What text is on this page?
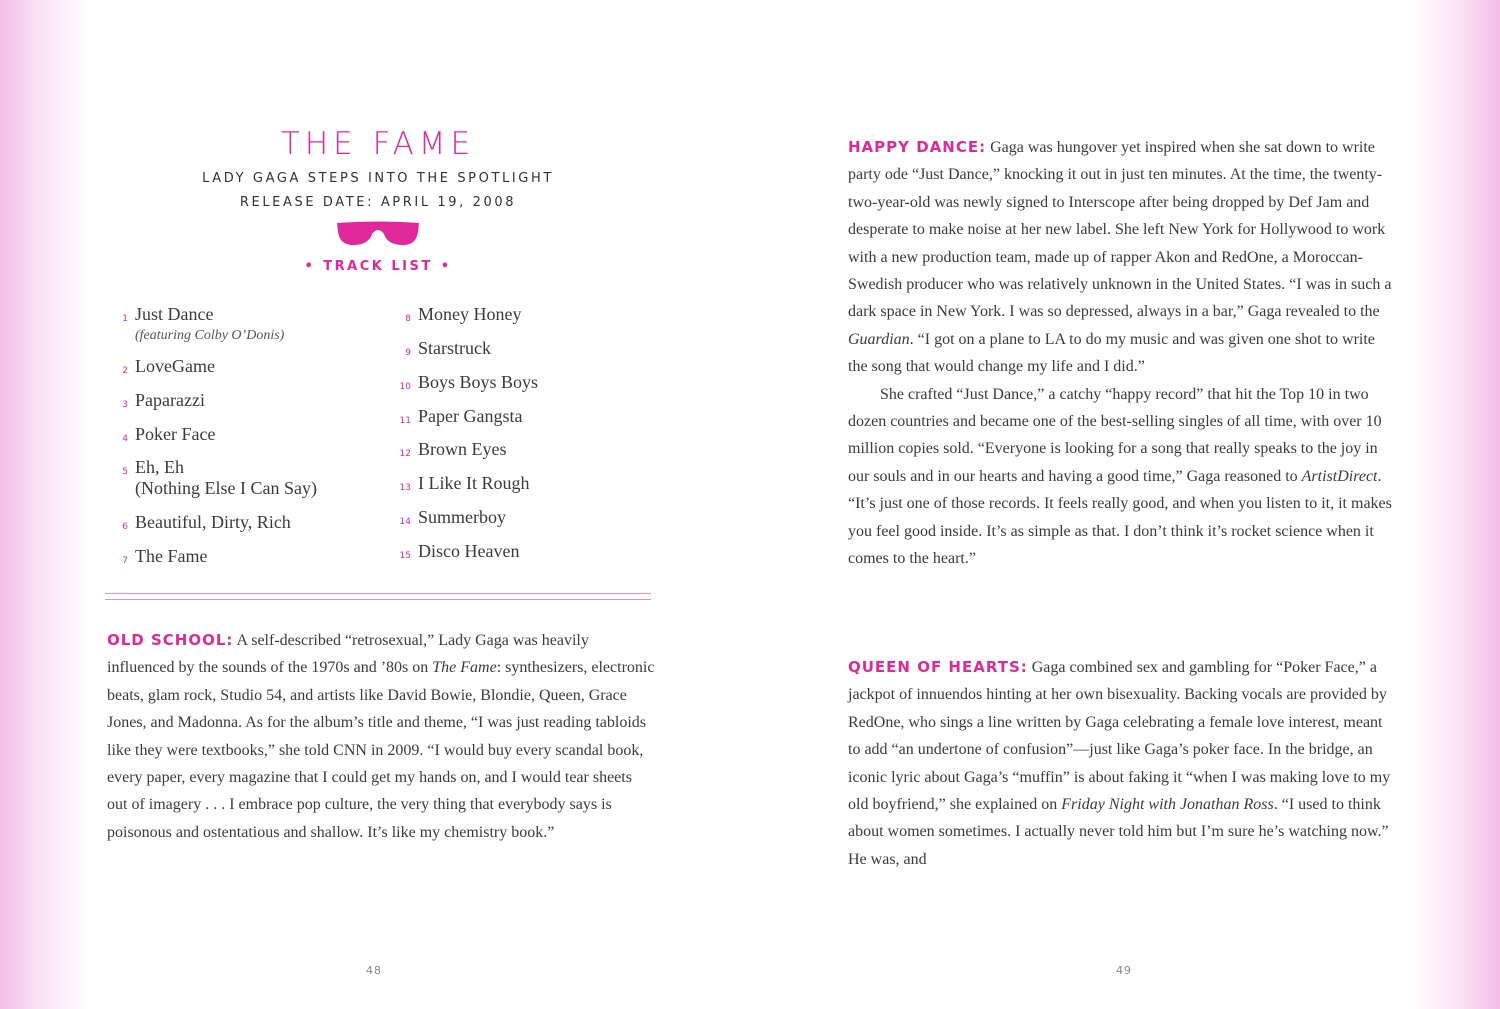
THE FAME
LADY GAGA STEPS INTO THE SPOTLIGHT
RELEASE DATE: APRIL 19, 2008
• TRACK LIST •
1 Just Dance
(featuring Colby O’Donis)
2 LoveGame
3 Paparazzi
4 Poker Face
5 Eh, Eh
(Nothing Else I Can Say)
6 Beautiful, Dirty, Rich
7 The Fame
8 Money Honey
9 Starstruck
10 Boys Boys Boys
11 Paper Gangsta
12 Brown Eyes
13 I Like It Rough
14 Summerboy
15 Disco Heaven

OLD SCHOOL: A self-described “retrosexual,” Lady Gaga was heavily influenced by the sounds of the 1970s and ’80s on The Fame: synthesizers, electronic beats, glam rock, Studio 54, and artists like David Bowie, Blondie, Queen, Grace Jones, and Madonna. As for the album’s title and theme, “I was just reading tabloids like they were textbooks,” she told CNN in 2009. “I would buy every scandal book, every paper, every magazine that I could get my hands on, and I would tear sheets out of imagery . . . I embrace pop culture, the very thing that everybody says is poisonous and ostentatious and shallow. It’s like my chemistry book.”

48

HAPPY DANCE: Gaga was hungover yet inspired when she sat down to write party ode “Just Dance,” knocking it out in just ten minutes. At the time, the twenty-two-year-old was newly signed to Interscope after being dropped by Def Jam and desperate to make noise at her new label. She left New York for Hollywood to work with a new production team, made up of rapper Akon and RedOne, a Moroccan-Swedish producer who was relatively unknown in the United States. “I was in such a dark space in New York. I was so depressed, always in a bar,” Gaga revealed to the Guardian. “I got on a plane to LA to do my music and was given one shot to write the song that would change my life and I did.”
She crafted “Just Dance,” a catchy “happy record” that hit the Top 10 in two dozen countries and became one of the best-selling singles of all time, with over 10 million copies sold. “Everyone is looking for a song that really speaks to the joy in our souls and in our hearts and having a good time,” Gaga reasoned to ArtistDirect. “It’s just one of those records. It feels really good, and when you listen to it, it makes you feel good inside. It’s as simple as that. I don’t think it’s rocket science when it comes to the heart.”

QUEEN OF HEARTS: Gaga combined sex and gambling for “Poker Face,” a jackpot of innuendos hinting at her own bisexuality. Backing vocals are provided by RedOne, who sings a line written by Gaga celebrating a female love interest, meant to add “an undertone of confusion”—just like Gaga’s poker face. In the bridge, an iconic lyric about Gaga’s “muffin” is about faking it “when I was making love to my old boyfriend,” she explained on Friday Night with Jonathan Ross. “I used to think about women sometimes. I actually never told him but I’m sure he’s watching now.” He was, and

49
